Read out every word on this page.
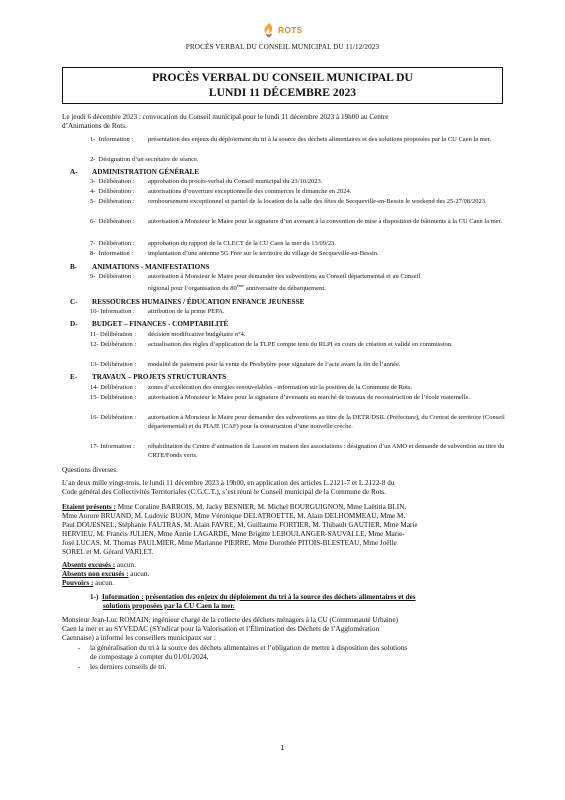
ROTS
PROCÈS VERBAL DU CONSEIL MUNICIPAL DU 11/12/2023
PROCÈS VERBAL DU CONSEIL MUNICIPAL DU
LUNDI 11 DÉCEMBRE 2023
Le jeudi 6 décembre 2023 : convocation du Conseil municipal pour le lundi 11 décembre 2023 à 19h00 au Centre
d’Animations de Rots.
1-  Information : présentation des enjeux du déploiement du tri à la source des déchets alimentaires et des solutions proposées par la CU Caen la mer.
2-  Désignation d’un secrétaire de séance.
A- ADMINISTRATION GÉNÉRALE
3-  Délibération : approbation du procès-verbal du Conseil municipal du 23/10/2023.
4-  Délibération : autorisations d’ouverture exceptionnelle des commerces le dimanche en 2024.
5-  Délibération : remboursement exceptionnel et partiel de la location de la salle des fêtes de Secqueville-en-Bessin le weekend des 25-27/08/2023.
6-  Délibération : autorisation à Monsieur le Maire pour la signature d’un avenant à la convention de mise à disposition de bâtiments à la CU Caen la mer.
7-  Délibération : approbation du rapport de la CLECT de la CU Caen la mer du 13/09/23.
8-  Information : implantation d’une antenne 5G Free sur le territoire du village de Secqueville-en-Bessin.
B- ANIMATIONS - MANIFESTATIONS
9-  Délibération : autorisation à Monsieur le Maire pour demander des subventions au Conseil départemental et au Conseil
régional pour l’organisation du 80ème anniversaire du débarquement.
C- RESSOURCES HUMAINES / ÉDUCATION ENFANCE JEUNESSE
10- Information : attribution de la prime PEPA.
D- BUDGET – FINANCES - COMPTABILITÉ
11- Délibération : décision modificative budgétaire n°4.
12- Délibération : actualisation des règles d’application de la TLPE compte tenu du RLPI en cours de création et validé en commission.
13- Délibération : modalité de paiement pour la vente du Presbytère pour signature de l’acte avant la fin de l’année.
E- TRAVAUX – PROJETS STRUCTURANTS
14- Délibération : zones d’accélération des énergies renouvelables –information sur la position de la Commune de Rots.
15- Délibération : autorisation à Monsieur le Maire pour la signature d’avenants au marché de travaux de reconstruction de l’école maternelle.
16- Délibération : autorisation à Monsieur le Maire pour demander des subventions au titre de la DETR/DSIL (Préfecture), du Contrat de territoire (Conseil départemental) et du PIAJE (CAF) pour la construction d’une nouvelle crèche.
17- Information : réhabilitation du Centre d’animation de Lasson en maison des associations : désignation d’un AMO et demande de subvention au titre du CRTE/Fonds verts.
Questions diverses.
L’an deux mille vingt-trois, le lundi 11 décembre 2023 à 19h00, en application des articles L.2121-7 et L.2122-8 du
Code général des Collectivités Territoriales (C.G.C.T.), s’est réuni le Conseil municipal de la Commune de Rots.
Etaient présents : Mme Coraline BARROIS, M. Jacky BESNIER, M. Michel BOURGUIGNON, Mme Laëtitia BLIN,
Mme Aurore BRUAND, M. Ludovic BUON, Mme Véronique DELATROETTE, M. Alain DELHOMMEAU, Mme M.
Paul DOUESNEL, Stéphanie FAUTRAS, M. Alain FAVRE, M. Guillaume FORTIER, M. Thibault GAUTIER, Mme Marie
HERVIEU, M. Francis JULIEN, Mme Annie LAGARDE, Mme Brigitte LEBOULANGER-SAUVALLE, Mme Marie-
José LUCAS, M. Thomas PAULMIER, Mme Marianne PIERRE, Mme Dorothée PITOIS-BLESTEAU, Mme Joëlle
SOREL et M. Gérard VARLET.
Absents excusés : aucun.
Absents non excusés : aucun.
Pouvoirs : aucun.
1-) Information : présentation des enjeux du déploiement du tri à la source des déchets alimentaires et des
solutions proposées par la CU Caen la mer.
Monsieur Jean-Luc ROMAIN, ingénieur chargé de la collecte des déchets ménagers à la CU (Communauté Urbaine)
Caen la mer et au SYVEDAC (SYndicat pour la Valorisation et l’Élimination des Déchets de l’Agglomération
Caennaise) a informé les conseillers municipaux sur :
- la généralisation du tri à la source des déchets alimentaires et l’obligation de mettre à disposition des solutions
de compostage à compter du 01/01/2024,
- les derniers conseils de tri.
1
